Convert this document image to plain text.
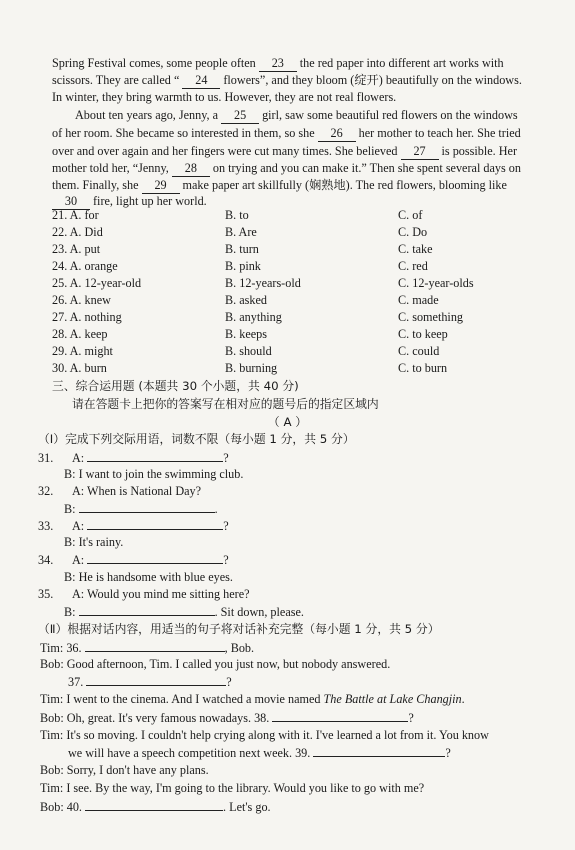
Spring Festival comes, some people often 23 the red paper into different art works with
scissors. They are called “ 24 flowers”, and they bloom (绽开) beautifully on the windows.
In winter, they bring warmth to us. However, they are not real flowers.
About ten years ago, Jenny, a 25 girl, saw some beautiful red flowers on the windows
of her room. She became so interested in them, so she 26 her mother to teach her. She tried
over and over again and her fingers were cut many times. She believed 27 is possible. Her
mother told her, “Jenny, 28 on trying and you can make it.” Then she spent several days on
them. Finally, she 29 make paper art skillfully (娴熟地). The red flowers, blooming like
30 fire, light up her world.
21. A. for	B. to	C. of
22. A. Did	B. Are	C. Do
23. A. put	B. turn	C. take
24. A. orange	B. pink	C. red
25. A. 12-year-old	B. 12-years-old	C. 12-year-olds
26. A. knew	B. asked	C. made
27. A. nothing	B. anything	C. something
28. A. keep	B. keeps	C. to keep
29. A. might	B. should	C. could
30. A. burn	B. burning	C. to burn
三、综合运用题 (本题共 30 个小题，共 40 分)
请在答题卡上把你的答案写在相对应的题号后的指定区域内
（ A ）
（Ⅰ）完成下列交际用语，词数不限（每小题 1 分，共 5 分）
31. A:	?
B: I want to join the swimming club.
32. A: When is National Day?
B:	.
33. A:	?
B: It's rainy.
34. A:	?
B: He is handsome with blue eyes.
35. A: Would you mind me sitting here?
B:	. Sit down, please.
（Ⅱ）根据对话内容，用适当的句子将对话补充完整（每小题 1 分，共 5 分）
Tim: 36.	, Bob.
Bob: Good afternoon, Tim. I called you just now, but nobody answered.
37.	?
Tim: I went to the cinema. And I watched a movie named The Battle at Lake Changjin.
Bob: Oh, great. It's very famous nowadays. 38.	?
Tim: It's so moving. I couldn't help crying along with it. I've learned a lot from it. You know
we will have a speech competition next week. 39.	?
Bob: Sorry, I don't have any plans.
Tim: I see. By the way, I'm going to the library. Would you like to go with me?
Bob: 40.	. Let's go.
